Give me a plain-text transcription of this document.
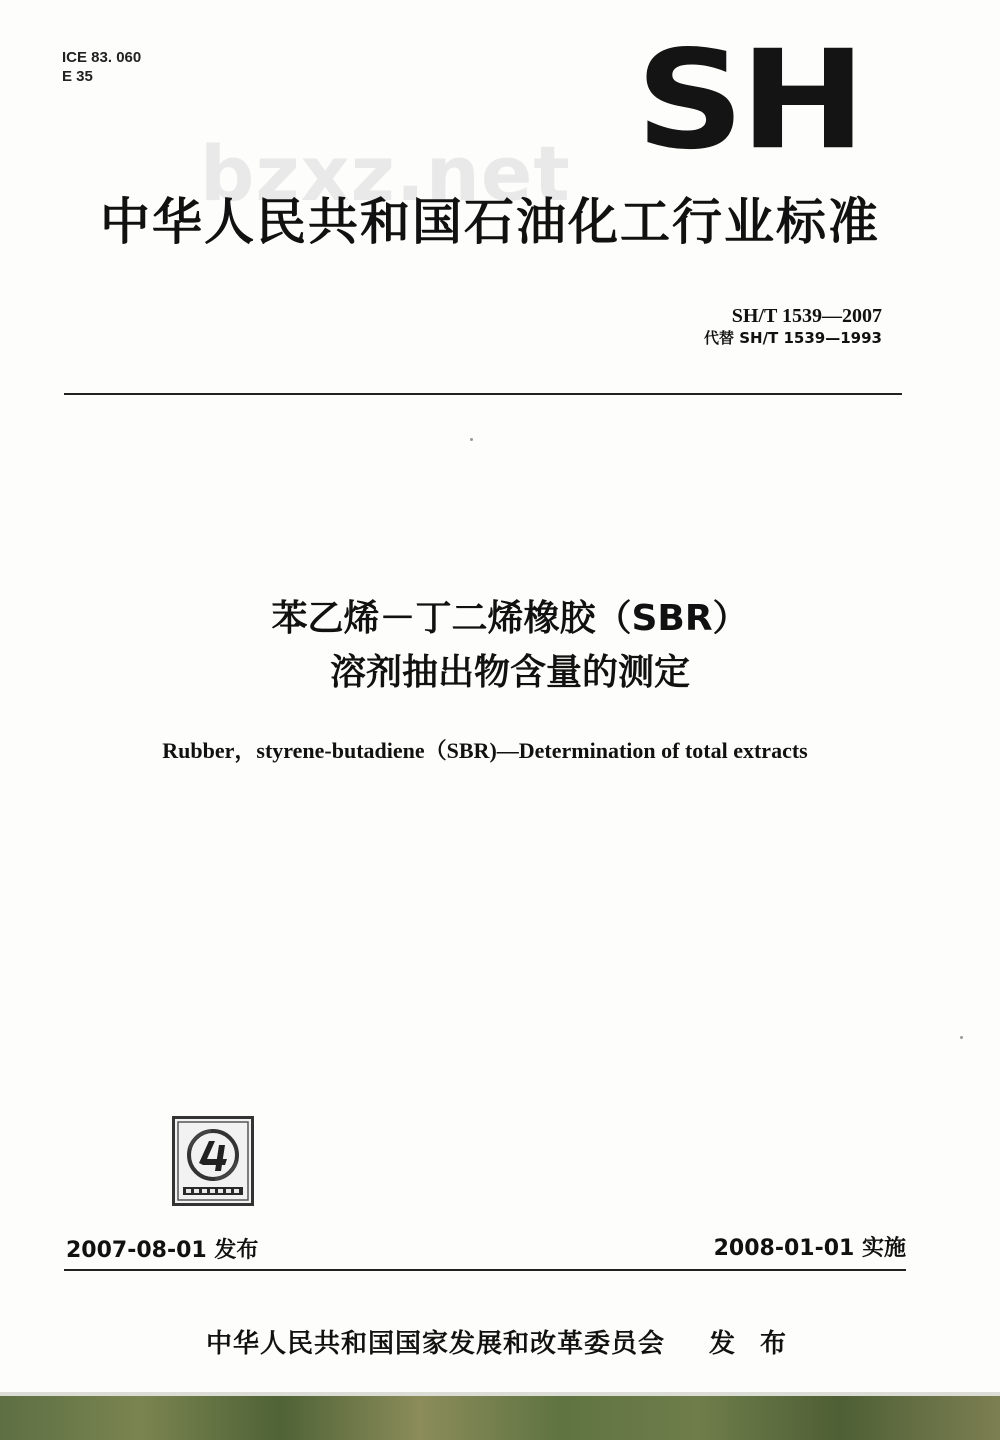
ICE 83. 060
E 35	SH
bzxz.net
中华人民共和国石油化工行业标准
SH/T 1539—2007
代替 SH/T 1539—1993
苯乙烯－丁二烯橡胶（SBR）
溶剂抽出物含量的测定
Rubber，styrene-butadiene（SBR)—Determination of total extracts
2007-08-01 发布	2008-01-01 实施
中华人民共和国国家发展和改革委员会 发 布
